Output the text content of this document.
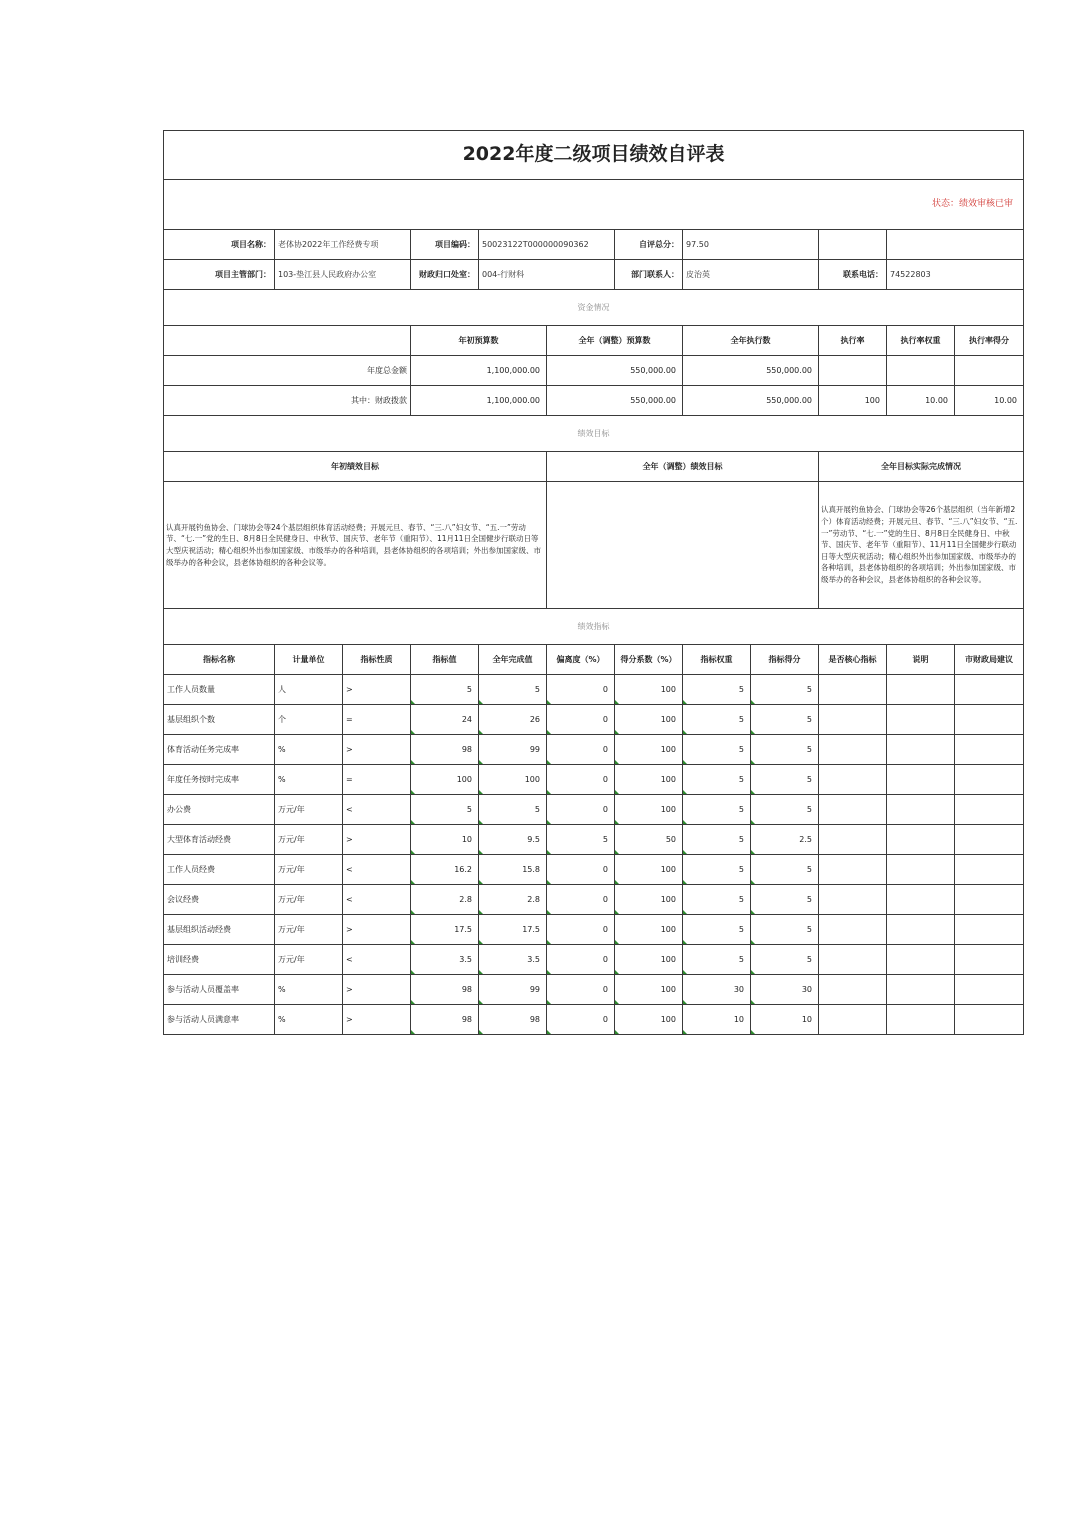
2022年度二级项目绩效自评表											
状态：绩效审核已审											
项目名称：	老体协2022年工作经费专项		项目编码：	50023122T000000090362		自评总分：	97.50				
项目主管部门：	103-垫江县人民政府办公室		财政归口处室：	004-行财科		部门联系人：	皮治英		联系电话：	74522803	
资金情况											
			年初预算数		全年（调整）预算数		全年执行数		执行率	执行率权重	执行率得分
年度总金额			1,100,000.00		550,000.00		550,000.00				
其中：财政拨款			1,100,000.00		550,000.00		550,000.00		100	10.00	10.00
绩效目标											
年初绩效目标					全年（调整）绩效目标				全年目标实际完成情况		
认真开展钓鱼协会、门球协会等24个基层组织体育活动经费；开展元旦、春节、“三.八”妇女节、“五.一”劳动节、“七.一”党的生日、8月8日全民健身日、中秋节、国庆节、老年节（重阳节）、11月11日全国健步行联动日等大型庆祝活动；精心组织外出参加国家级、市级举办的各种培训，县老体协组织的各项培训；外出参加国家级、市级举办的各种会议，县老体协组织的各种会议等。									认真开展钓鱼协会、门球协会等26个基层组织（当年新增2个）体育活动经费；开展元旦、春节、“三.八”妇女节、“五.一”劳动节、“七.一”党的生日、8月8日全民健身日、中秋节、国庆节、老年节（重阳节）、11月11日全国健步行联动日等大型庆祝活动；精心组织外出参加国家级、市级举办的各种培训，县老体协组织的各项培训；外出参加国家级、市级举办的各种会议，县老体协组织的各种会议等。		
绩效指标											
指标名称	计量单位	指标性质	指标值	全年完成值	偏离度（%）	得分系数（%）	指标权重	指标得分	是否核心指标	说明	市财政局建议
工作人员数量	人	>	5	5	0	100	5	5			
基层组织个数	个	=	24	26	0	100	5	5			
体育活动任务完成率	%	>	98	99	0	100	5	5			
年度任务按时完成率	%	=	100	100	0	100	5	5			
办公费	万元/年	<	5	5	0	100	5	5			
大型体育活动经费	万元/年	>	10	9.5	5	50	5	2.5			
工作人员经费	万元/年	<	16.2	15.8	0	100	5	5			
会议经费	万元/年	<	2.8	2.8	0	100	5	5			
基层组织活动经费	万元/年	>	17.5	17.5	0	100	5	5			
培训经费	万元/年	<	3.5	3.5	0	100	5	5			
参与活动人员覆盖率	%	>	98	99	0	100	30	30			
参与活动人员满意率	%	>	98	98	0	100	10	10			
